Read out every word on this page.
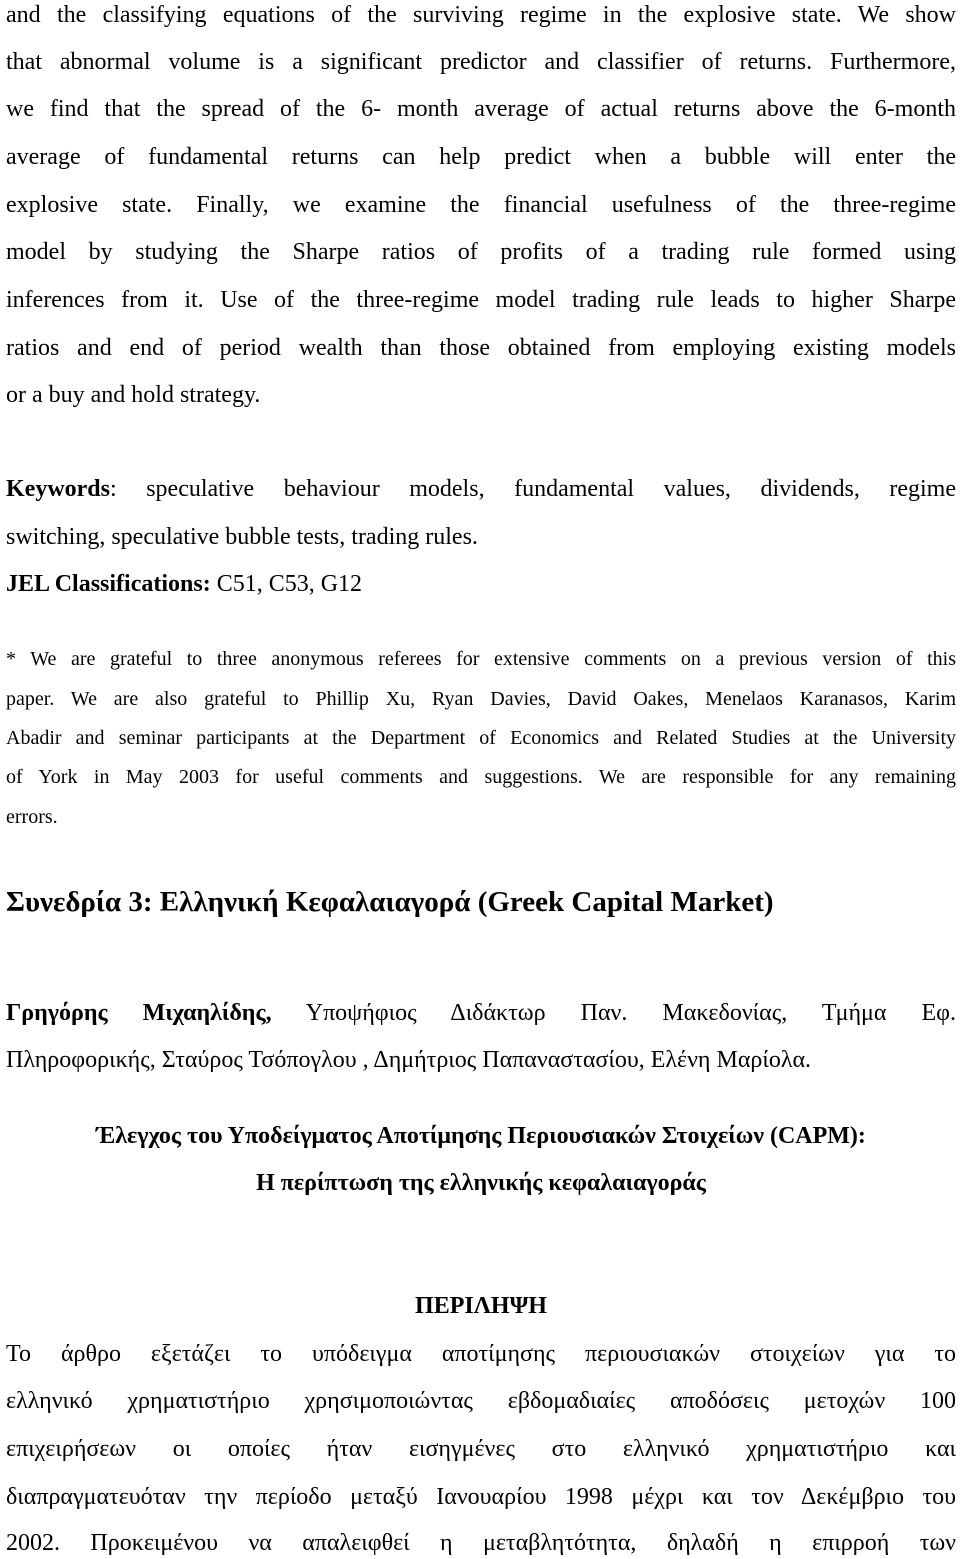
and the classifying equations of the surviving regime in the explosive state. We show
that abnormal volume is a significant predictor and classifier of returns. Furthermore,
we find that the spread of the 6- month average of actual returns above the 6-month
average of fundamental returns can help predict when a bubble will enter the
explosive state. Finally, we examine the financial usefulness of the three-regime
model by studying the Sharpe ratios of profits of a trading rule formed using
inferences from it. Use of the three-regime model trading rule leads to higher Sharpe
ratios and end of period wealth than those obtained from employing existing models
or a buy and hold strategy.
Keywords: speculative behaviour models, fundamental values, dividends, regime
switching, speculative bubble tests, trading rules.
JEL Classifications: C51, C53, G12
* We are grateful to three anonymous referees for extensive comments on a previous version of this
paper. We are also grateful to Phillip Xu, Ryan Davies, David Oakes, Menelaos Karanasos, Karim
Abadir and seminar participants at the Department of Economics and Related Studies at the University
of York in May 2003 for useful comments and suggestions. We are responsible for any remaining
errors.
Συνεδρία 3: Ελληνική Κεφαλαιαγορά (Greek Capital Market)
Γρηγόρης Μιχαηλίδης, Υποψήφιος Διδάκτωρ Παν. Μακεδονίας, Τμήμα Εφ.
Πληροφορικής, Σταύρος Τσόπογλου , Δημήτριος Παπαναστασίου, Ελένη Μαρίολα.
Έλεγχος του Υποδείγματος Αποτίμησης Περιουσιακών Στοιχείων (CAPM):
Η περίπτωση της ελληνικής κεφαλαιαγοράς
ΠΕΡΙΛΗΨΗ
Το άρθρο εξετάζει το υπόδειγμα αποτίμησης περιουσιακών στοιχείων για το
ελληνικό χρηματιστήριο χρησιμοποιώντας εβδομαδιαίες αποδόσεις μετοχών 100
επιχειρήσεων οι οποίες ήταν εισηγμένες στο ελληνικό χρηματιστήριο και
διαπραγματευόταν την περίοδο μεταξύ Ιανουαρίου 1998 μέχρι και τον Δεκέμβριο του
2002. Προκειμένου να απαλειφθεί η μεταβλητότητα, δηλαδή η επιρροή των
